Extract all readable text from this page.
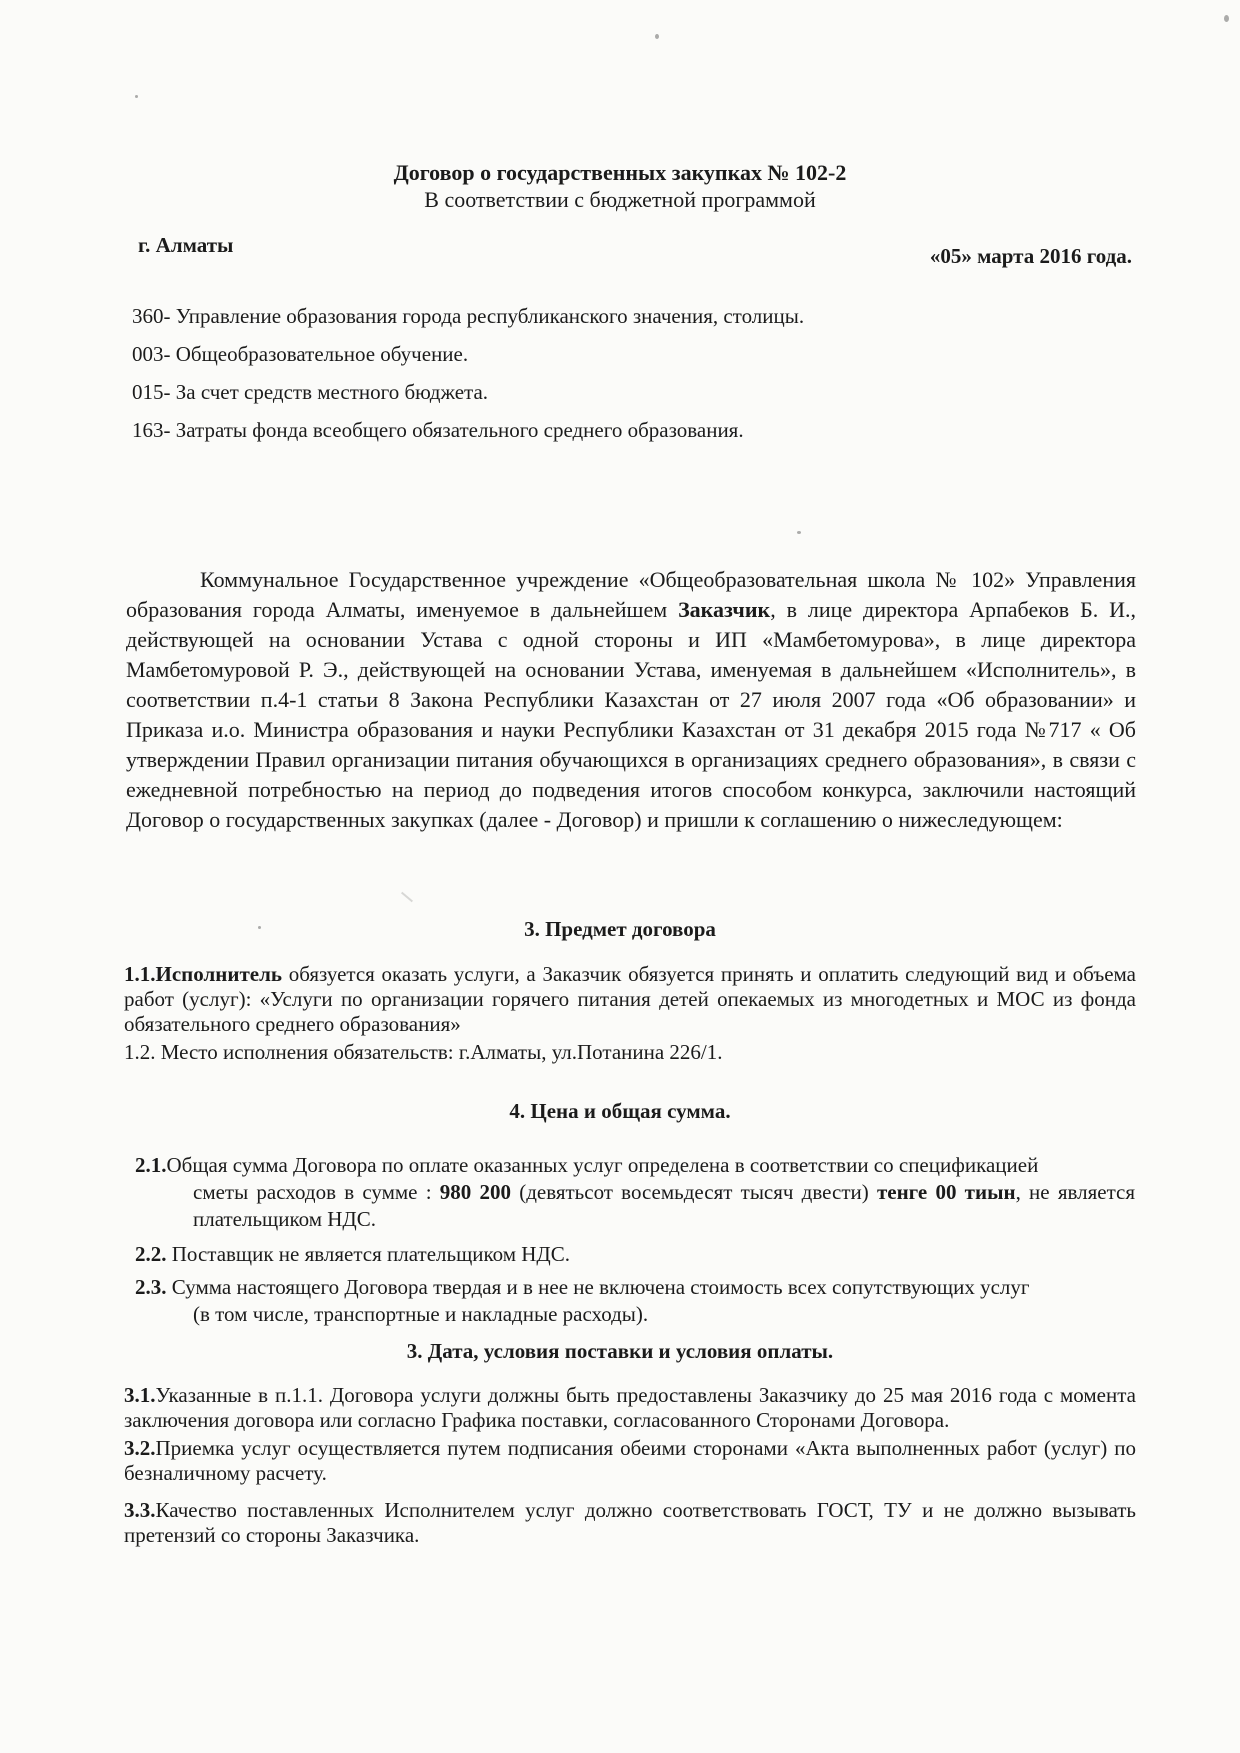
Договор о государственных закупках № 102-2
В соответствии с бюджетной программой
г. Алматы	«05» марта 2016 года.
360- Управление образования города республиканского значения, столицы.
003- Общеобразовательное обучение.
015- За счет средств местного бюджета.
163- Затраты фонда всеобщего обязательного среднего образования.

Коммунальное Государственное учреждение «Общеобразовательная школа № 102» Управления образования города Алматы, именуемое в дальнейшем Заказчик, в лице директора Арпабеков Б. И., действующей на основании Устава с одной стороны и ИП «Мамбетомурова», в лице директора Мамбетомуровой Р. Э., действующей на основании Устава, именуемая в дальнейшем «Исполнитель», в соответствии п.4-1 статьи 8 Закона Республики Казахстан от 27 июля 2007 года «Об образовании» и Приказа и.о. Министра образования и науки Республики Казахстан от 31 декабря 2015 года №717 « Об утверждении Правил организации питания обучающихся в организациях среднего образования», в связи с ежедневной потребностью на период до подведения итогов способом конкурса, заключили настоящий Договор о государственных закупках (далее - Договор) и пришли к соглашению о нижеследующем:

3. Предмет договора

1.1.Исполнитель обязуется оказать услуги, а Заказчик обязуется принять и оплатить следующий вид и объема работ (услуг): «Услуги по организации горячего питания детей опекаемых из многодетных и МОС из фонда обязательного среднего образования»

1.2. Место исполнения обязательств: г.Алматы, ул.Потанина 226/1.

4. Цена и общая сумма.
2.1.Общая сумма Договора по оплате оказанных услуг определена в соответствии со спецификацией
сметы расходов в сумме : 980 200 (девятьсот восемьдесят тысяч двести) тенге 00 тиын, не является плательщиком НДС.
2.2. Поставщик не является плательщиком НДС.
2.3. Сумма настоящего Договора твердая и в нее не включена стоимость всех сопутствующих услуг
(в том числе, транспортные и накладные расходы).
3. Дата, условия поставки и условия оплаты.

3.1.Указанные в п.1.1. Договора услуги должны быть предоставлены Заказчику до 25 мая 2016 года с момента заключения договора или согласно Графика поставки, согласованного Сторонами Договора.

3.2.Приемка услуг осуществляется путем подписания обеими сторонами «Акта выполненных работ (услуг) по безналичному расчету.

3.3.Качество поставленных Исполнителем услуг должно соответствовать ГОСТ, ТУ и не должно вызывать претензий со стороны Заказчика.
